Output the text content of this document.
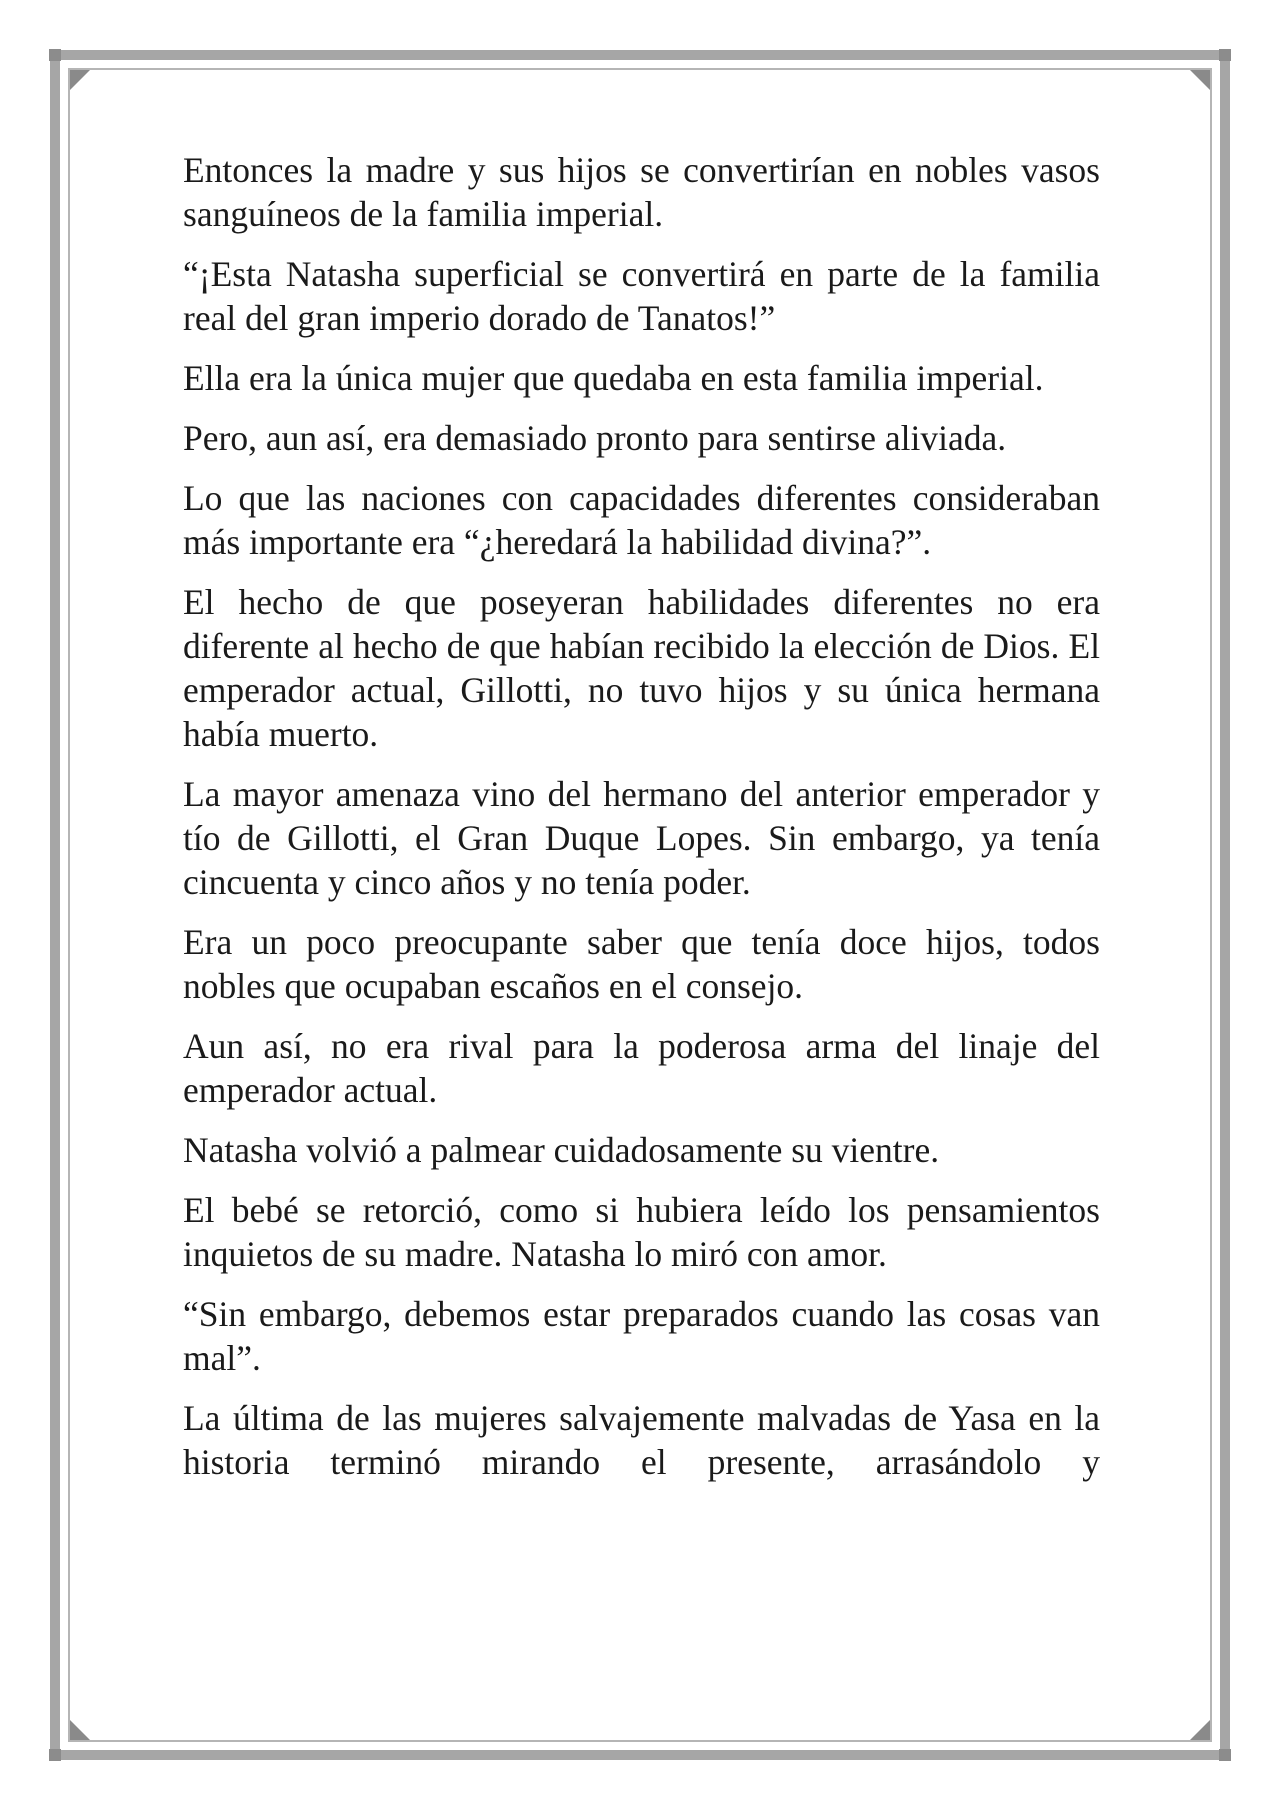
Entonces la madre y sus hijos se convertirían en nobles vasos sanguíneos de la familia imperial.

“¡Esta Natasha superficial se convertirá en parte de la familia real del gran imperio dorado de Tanatos!”

Ella era la única mujer que quedaba en esta familia imperial.

Pero, aun así, era demasiado pronto para sentirse aliviada.

Lo que las naciones con capacidades diferentes consideraban más importante era “¿heredará la habilidad divina?”.

El hecho de que poseyeran habilidades diferentes no era diferente al hecho de que habían recibido la elección de Dios. El emperador actual, Gillotti, no tuvo hijos y su única hermana había muerto.

La mayor amenaza vino del hermano del anterior emperador y tío de Gillotti, el Gran Duque Lopes. Sin embargo, ya tenía cincuenta y cinco años y no tenía poder.

Era un poco preocupante saber que tenía doce hijos, todos nobles que ocupaban escaños en el consejo.

Aun así, no era rival para la poderosa arma del linaje del emperador actual.

Natasha volvió a palmear cuidadosamente su vientre.

El bebé se retorció, como si hubiera leído los pensamientos inquietos de su madre. Natasha lo miró con amor.

“Sin embargo, debemos estar preparados cuando las cosas van mal”.

La última de las mujeres salvajemente malvadas de Yasa en la historia terminó mirando el presente, arrasándolo y
